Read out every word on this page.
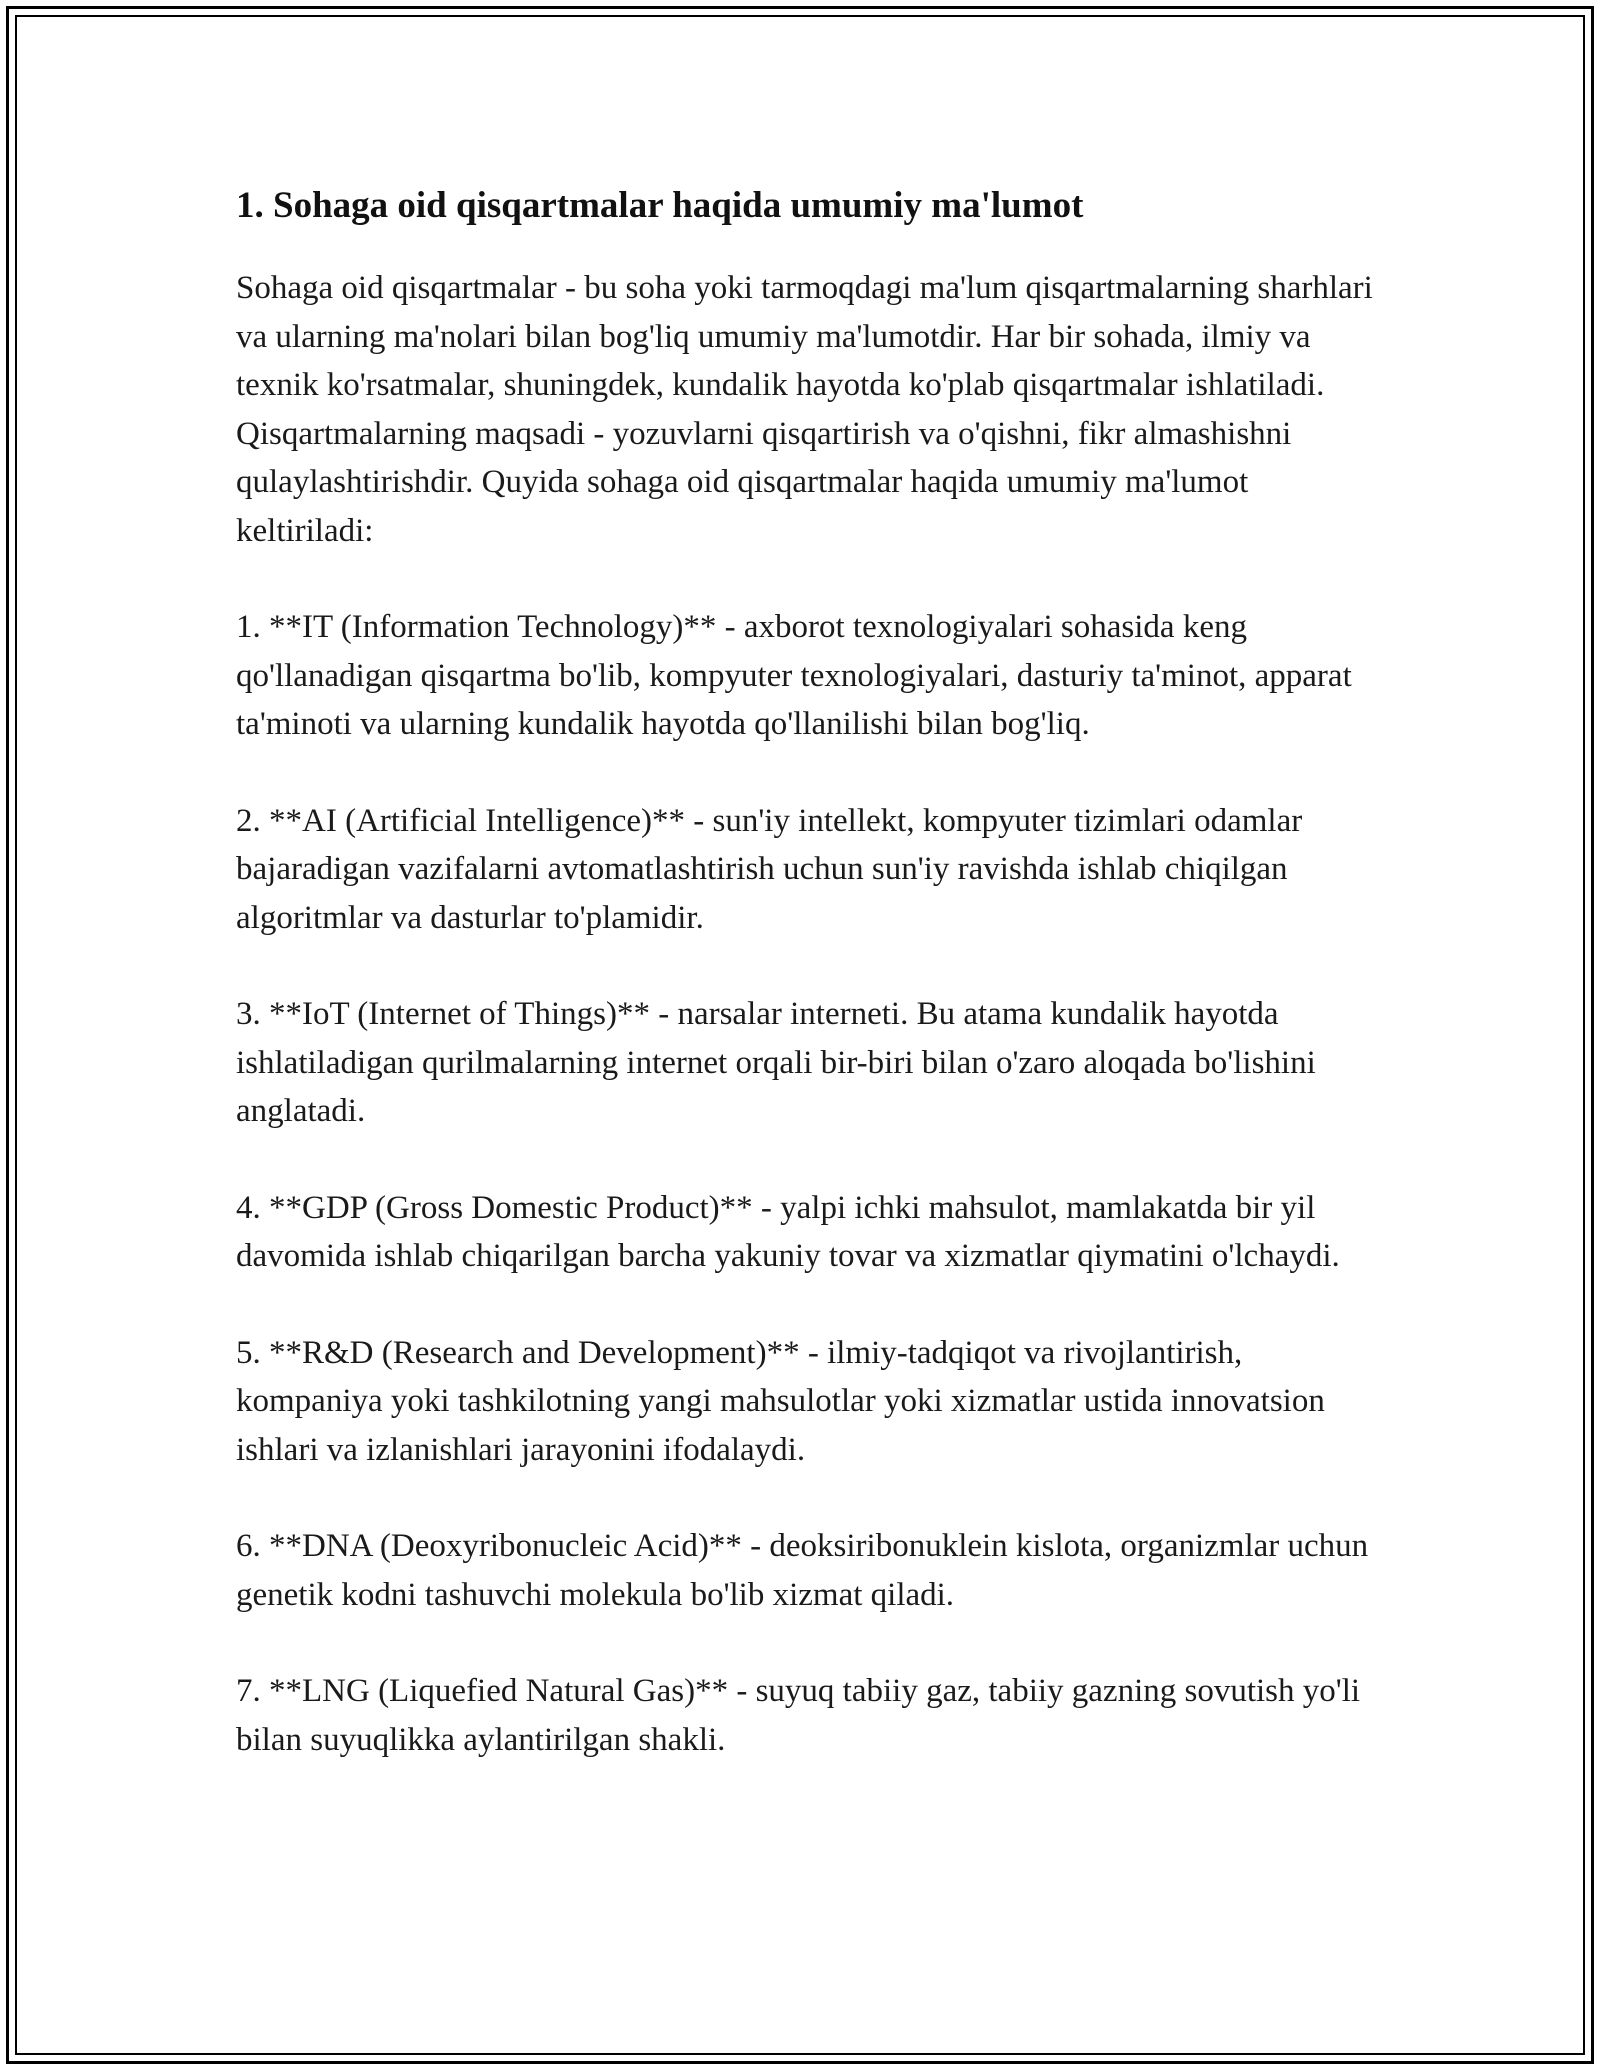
1. Sohaga oid qisqartmalar haqida umumiy ma'lumot

Sohaga oid qisqartmalar - bu soha yoki tarmoqdagi ma'lum qisqartmalarning sharhlari va ularning ma'nolari bilan bog'liq umumiy ma'lumotdir. Har bir sohada, ilmiy va texnik ko'rsatmalar, shuningdek, kundalik hayotda ko'plab qisqartmalar ishlatiladi. Qisqartmalarning maqsadi - yozuvlarni qisqartirish va o'qishni, fikr almashishni qulaylashtirishdir. Quyida sohaga oid qisqartmalar haqida umumiy ma'lumot keltiriladi:

1. **IT (Information Technology)** - axborot texnologiyalari sohasida keng qo'llanadigan qisqartma bo'lib, kompyuter texnologiyalari, dasturiy ta'minot, apparat ta'minoti va ularning kundalik hayotda qo'llanilishi bilan bog'liq.

2. **AI (Artificial Intelligence)** - sun'iy intellekt, kompyuter tizimlari odamlar bajaradigan vazifalarni avtomatlashtirish uchun sun'iy ravishda ishlab chiqilgan algoritmlar va dasturlar to'plamidir.

3. **IoT (Internet of Things)** - narsalar interneti. Bu atama kundalik hayotda ishlatiladigan qurilmalarning internet orqali bir-biri bilan o'zaro aloqada bo'lishini anglatadi.

4. **GDP (Gross Domestic Product)** - yalpi ichki mahsulot, mamlakatda bir yil davomida ishlab chiqarilgan barcha yakuniy tovar va xizmatlar qiymatini o'lchaydi.

5. **R&D (Research and Development)** - ilmiy-tadqiqot va rivojlantirish, kompaniya yoki tashkilotning yangi mahsulotlar yoki xizmatlar ustida innovatsion ishlari va izlanishlari jarayonini ifodalaydi.

6. **DNA (Deoxyribonucleic Acid)** - deoksiribonuklein kislota, organizmlar uchun genetik kodni tashuvchi molekula bo'lib xizmat qiladi.

7. **LNG (Liquefied Natural Gas)** - suyuq tabiiy gaz, tabiiy gazning sovutish yo'li bilan suyuqlikka aylantirilgan shakli.
